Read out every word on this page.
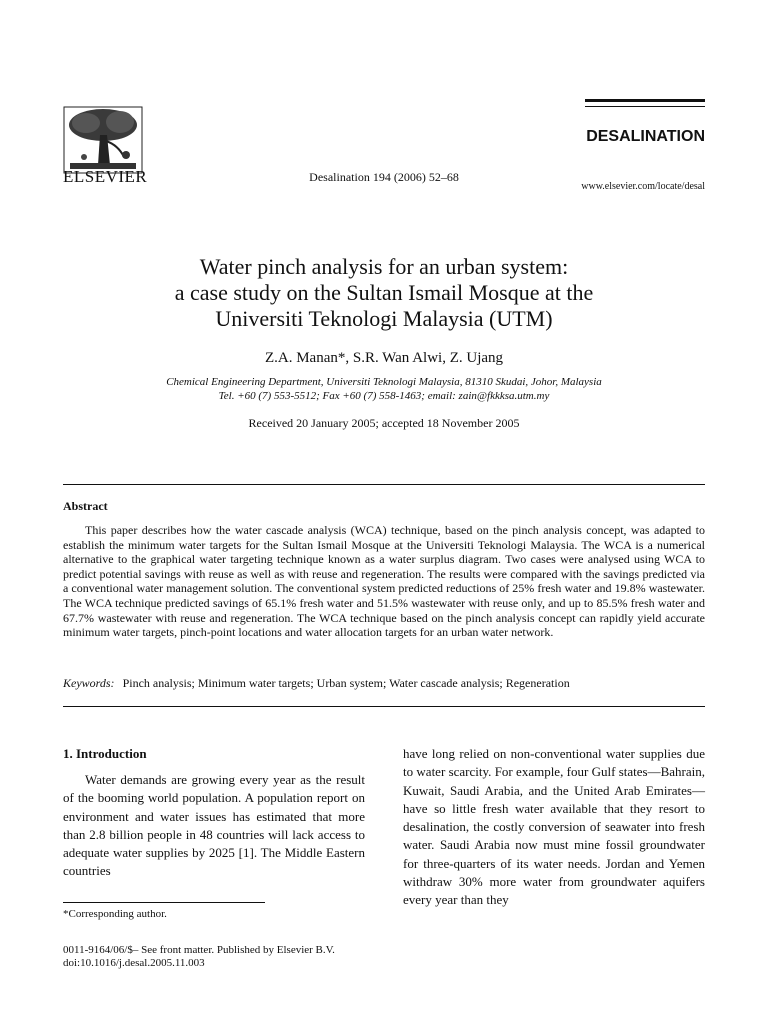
ELSEVIER	Desalination 194 (2006) 52–68
DESALINATION
www.elsevier.com/locate/desal
Water pinch analysis for an urban system:
a case study on the Sultan Ismail Mosque at the
Universiti Teknologi Malaysia (UTM)
Z.A. Manan*, S.R. Wan Alwi, Z. Ujang
Chemical Engineering Department, Universiti Teknologi Malaysia, 81310 Skudai, Johor, Malaysia
Tel. +60 (7) 553-5512; Fax +60 (7) 558-1463; email: zain@fkkksa.utm.my
Received 20 January 2005; accepted 18 November 2005
Abstract
This paper describes how the water cascade analysis (WCA) technique, based on the pinch analysis concept, was adapted to establish the minimum water targets for the Sultan Ismail Mosque at the Universiti Teknologi Malaysia. The WCA is a numerical alternative to the graphical water targeting technique known as a water surplus diagram. Two cases were analysed using WCA to predict potential savings with reuse as well as with reuse and regeneration. The results were compared with the savings predicted via a conventional water management solution. The conventional system predicted reductions of 25% fresh water and 19.8% wastewater. The WCA technique predicted savings of 65.1% fresh water and 51.5% wastewater with reuse only, and up to 85.5% fresh water and 67.7% wastewater with reuse and regeneration. The WCA technique based on the pinch analysis concept can rapidly yield accurate minimum water targets, pinch-point locations and water allocation targets for an urban water network.
Keywords: Pinch analysis; Minimum water targets; Urban system; Water cascade analysis; Regeneration
1. Introduction
Water demands are growing every year as the result of the booming world population. A population report on environment and water issues has estimated that more than 2.8 billion people in 48 countries will lack access to adequate water supplies by 2025 [1]. The Middle Eastern countries
have long relied on non-conventional water supplies due to water scarcity. For example, four Gulf states—Bahrain, Kuwait, Saudi Arabia, and the United Arab Emirates—have so little fresh water available that they resort to desalination, the costly conversion of seawater into fresh water. Saudi Arabia now must mine fossil groundwater for three-quarters of its water needs. Jordan and Yemen withdraw 30% more water from groundwater aquifers every year than they
*Corresponding author.
0011-9164/06/$– See front matter. Published by Elsevier B.V.
doi:10.1016/j.desal.2005.11.003
